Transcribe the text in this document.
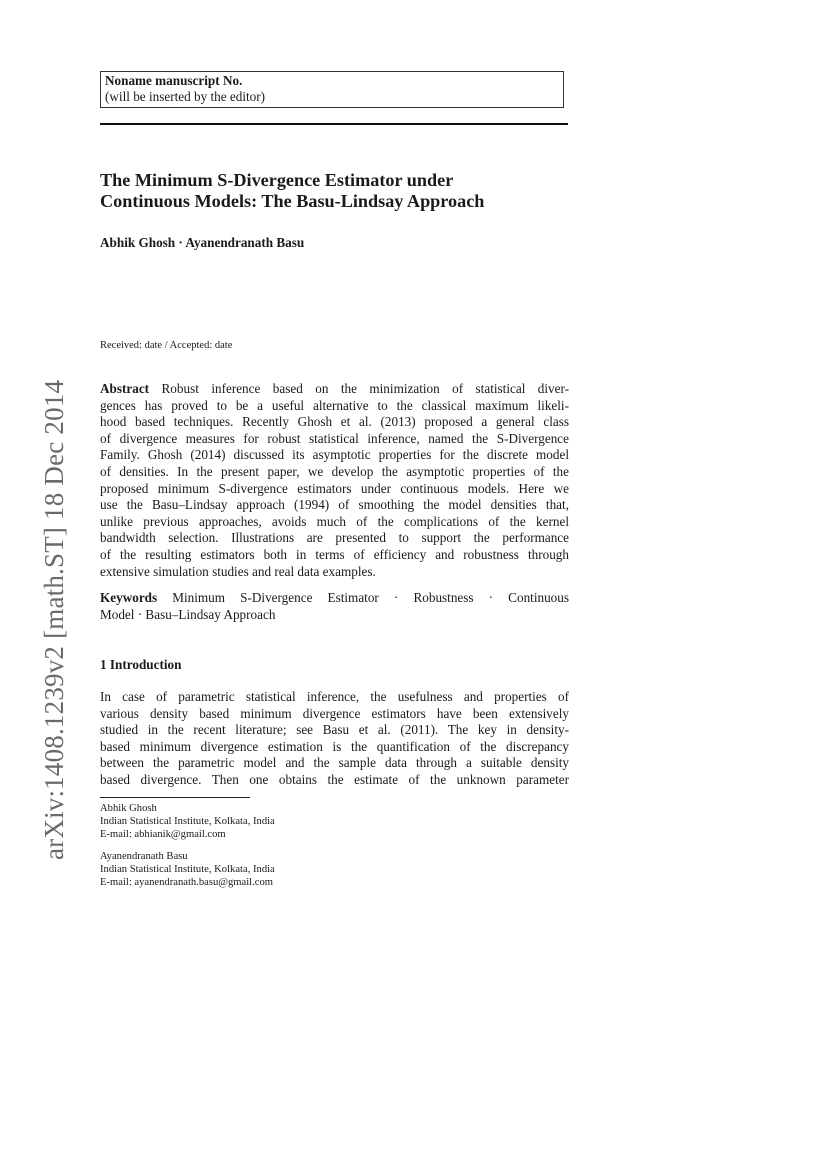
arXiv:1408.1239v2 [math.ST] 18 Dec 2014
Noname manuscript No.
(will be inserted by the editor)
The Minimum S-Divergence Estimator under
Continuous Models: The Basu-Lindsay Approach
Abhik Ghosh · Ayanendranath Basu
Received: date / Accepted: date
Abstract Robust inference based on the minimization of statistical diver-
gences has proved to be a useful alternative to the classical maximum likeli-
hood based techniques. Recently Ghosh et al. (2013) proposed a general class
of divergence measures for robust statistical inference, named the S-Divergence
Family. Ghosh (2014) discussed its asymptotic properties for the discrete model
of densities. In the present paper, we develop the asymptotic properties of the
proposed minimum S-divergence estimators under continuous models. Here we
use the Basu–Lindsay approach (1994) of smoothing the model densities that,
unlike previous approaches, avoids much of the complications of the kernel
bandwidth selection. Illustrations are presented to support the performance
of the resulting estimators both in terms of efficiency and robustness through
extensive simulation studies and real data examples.
Keywords Minimum S-Divergence Estimator · Robustness · Continuous
Model · Basu–Lindsay Approach
1 Introduction
In case of parametric statistical inference, the usefulness and properties of
various density based minimum divergence estimators have been extensively
studied in the recent literature; see Basu et al. (2011). The key in density-
based minimum divergence estimation is the quantification of the discrepancy
between the parametric model and the sample data through a suitable density
based divergence. Then one obtains the estimate of the unknown parameter
Abhik Ghosh
Indian Statistical Institute, Kolkata, India
E-mail: abhianik@gmail.com
Ayanendranath Basu
Indian Statistical Institute, Kolkata, India
E-mail: ayanendranath.basu@gmail.com
